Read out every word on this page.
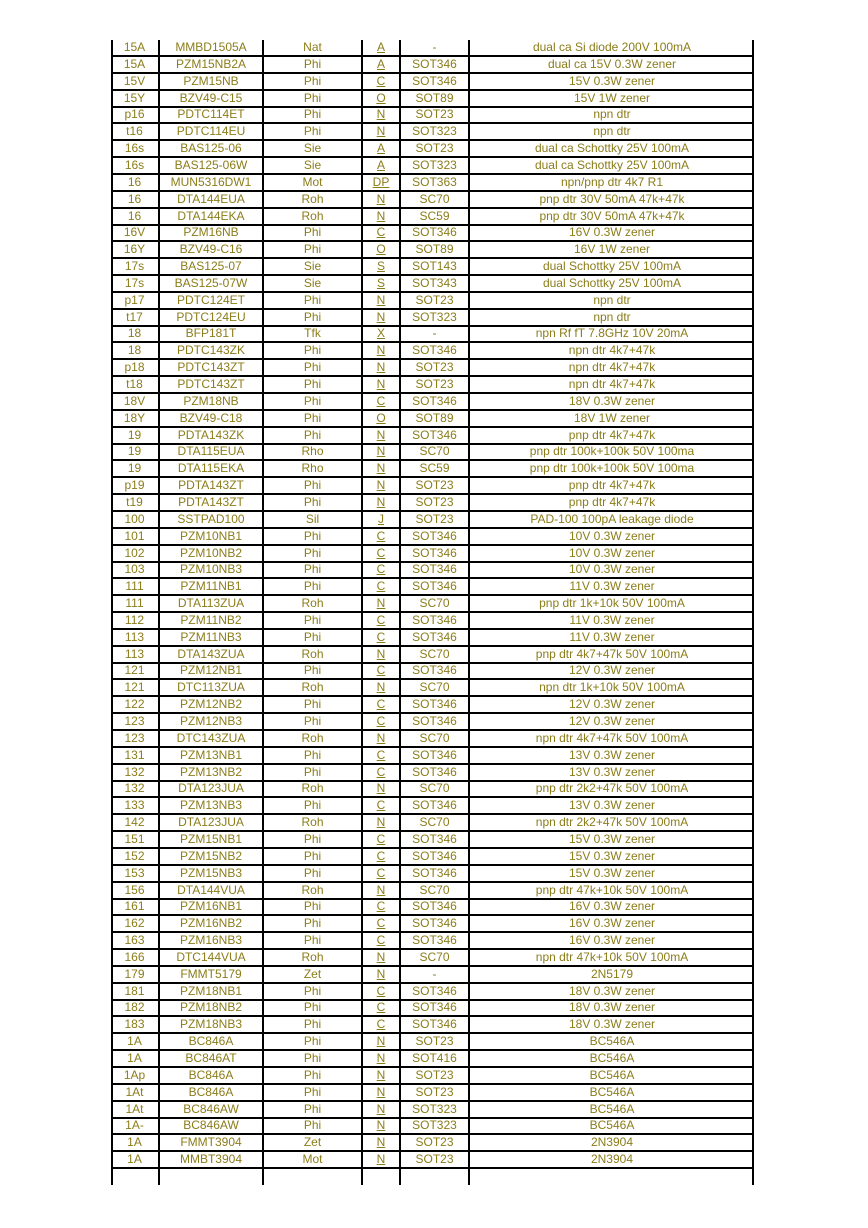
15A	MMBD1505A	Nat	A	-	dual ca Si diode 200V 100mA
15A	PZM15NB2A	Phi	A	SOT346	dual ca 15V 0.3W zener
15V	PZM15NB	Phi	C	SOT346	15V 0.3W zener
15Y	BZV49-C15	Phi	O	SOT89	15V 1W zener
p16	PDTC114ET	Phi	N	SOT23	npn dtr
t16	PDTC114EU	Phi	N	SOT323	npn dtr
16s	BAS125-06	Sie	A	SOT23	dual ca Schottky 25V 100mA
16s	BAS125-06W	Sie	A	SOT323	dual ca Schottky 25V 100mA
16	MUN5316DW1	Mot	DP	SOT363	npn/pnp dtr 4k7 R1
16	DTA144EUA	Roh	N	SC70	pnp dtr 30V 50mA 47k+47k
16	DTA144EKA	Roh	N	SC59	pnp dtr 30V 50mA 47k+47k
16V	PZM16NB	Phi	C	SOT346	16V 0.3W zener
16Y	BZV49-C16	Phi	O	SOT89	16V 1W zener
17s	BAS125-07	Sie	S	SOT143	dual Schottky 25V 100mA
17s	BAS125-07W	Sie	S	SOT343	dual Schottky 25V 100mA
p17	PDTC124ET	Phi	N	SOT23	npn dtr
t17	PDTC124EU	Phi	N	SOT323	npn dtr
18	BFP181T	Tfk	X	-	npn Rf fT 7.8GHz 10V 20mA
18	PDTC143ZK	Phi	N	SOT346	npn dtr 4k7+47k
p18	PDTC143ZT	Phi	N	SOT23	npn dtr 4k7+47k
t18	PDTC143ZT	Phi	N	SOT23	npn dtr 4k7+47k
18V	PZM18NB	Phi	C	SOT346	18V 0.3W zener
18Y	BZV49-C18	Phi	O	SOT89	18V 1W zener
19	PDTA143ZK	Phi	N	SOT346	pnp dtr 4k7+47k
19	DTA115EUA	Rho	N	SC70	pnp dtr 100k+100k 50V 100ma
19	DTA115EKA	Rho	N	SC59	pnp dtr 100k+100k 50V 100ma
p19	PDTA143ZT	Phi	N	SOT23	pnp dtr 4k7+47k
t19	PDTA143ZT	Phi	N	SOT23	pnp dtr 4k7+47k
100	SSTPAD100	Sil	J	SOT23	PAD-100 100pA leakage diode
101	PZM10NB1	Phi	C	SOT346	10V 0.3W zener
102	PZM10NB2	Phi	C	SOT346	10V 0.3W zener
103	PZM10NB3	Phi	C	SOT346	10V 0.3W zener
111	PZM11NB1	Phi	C	SOT346	11V 0.3W zener
111	DTA113ZUA	Roh	N	SC70	pnp dtr 1k+10k 50V 100mA
112	PZM11NB2	Phi	C	SOT346	11V 0.3W zener
113	PZM11NB3	Phi	C	SOT346	11V 0.3W zener
113	DTA143ZUA	Roh	N	SC70	pnp dtr 4k7+47k 50V 100mA
121	PZM12NB1	Phi	C	SOT346	12V 0.3W zener
121	DTC113ZUA	Roh	N	SC70	npn dtr 1k+10k 50V 100mA
122	PZM12NB2	Phi	C	SOT346	12V 0.3W zener
123	PZM12NB3	Phi	C	SOT346	12V 0.3W zener
123	DTC143ZUA	Roh	N	SC70	npn dtr 4k7+47k 50V 100mA
131	PZM13NB1	Phi	C	SOT346	13V 0.3W zener
132	PZM13NB2	Phi	C	SOT346	13V 0.3W zener
132	DTA123JUA	Roh	N	SC70	pnp dtr 2k2+47k 50V 100mA
133	PZM13NB3	Phi	C	SOT346	13V 0.3W zener
142	DTA123JUA	Roh	N	SC70	npn dtr 2k2+47k 50V 100mA
151	PZM15NB1	Phi	C	SOT346	15V 0.3W zener
152	PZM15NB2	Phi	C	SOT346	15V 0.3W zener
153	PZM15NB3	Phi	C	SOT346	15V 0.3W zener
156	DTA144VUA	Roh	N	SC70	pnp dtr 47k+10k 50V 100mA
161	PZM16NB1	Phi	C	SOT346	16V 0.3W zener
162	PZM16NB2	Phi	C	SOT346	16V 0.3W zener
163	PZM16NB3	Phi	C	SOT346	16V 0.3W zener
166	DTC144VUA	Roh	N	SC70	npn dtr 47k+10k 50V 100mA
179	FMMT5179	Zet	N	-	2N5179
181	PZM18NB1	Phi	C	SOT346	18V 0.3W zener
182	PZM18NB2	Phi	C	SOT346	18V 0.3W zener
183	PZM18NB3	Phi	C	SOT346	18V 0.3W zener
1A	BC846A	Phi	N	SOT23	BC546A
1A	BC846AT	Phi	N	SOT416	BC546A
1Ap	BC846A	Phi	N	SOT23	BC546A
1At	BC846A	Phi	N	SOT23	BC546A
1At	BC846AW	Phi	N	SOT323	BC546A
1A-	BC846AW	Phi	N	SOT323	BC546A
1A	FMMT3904	Zet	N	SOT23	2N3904
1A	MMBT3904	Mot	N	SOT23	2N3904
